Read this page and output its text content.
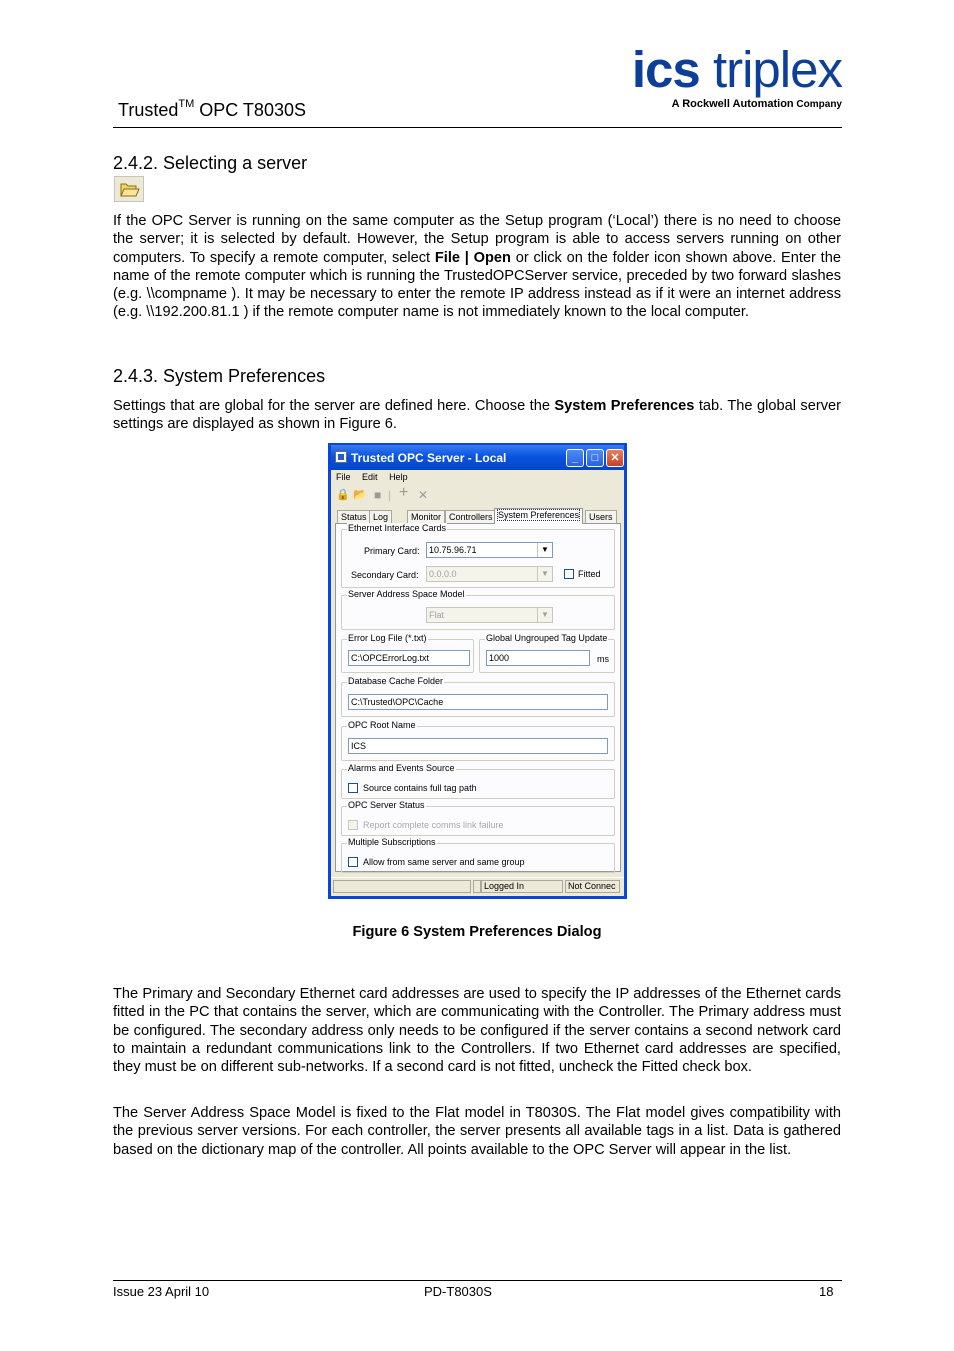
Trusted™ OPC T8030S
ics triplex
A Rockwell Automation Company
2.4.2. Selecting a server
If the OPC Server is running on the same computer as the Setup program (‘Local’) there is no need to choose the server; it is selected by default. However, the Setup program is able to access servers running on other computers. To specify a remote computer, select File | Open or click on the folder icon shown above. Enter the name of the remote computer which is running the TrustedOPCServer service, preceded by two forward slashes (e.g. \\compname ). It may be necessary to enter the remote IP address instead as if it were an internet address (e.g. \\192.200.81.1 ) if the remote computer name is not immediately known to the local computer.
2.4.3. System Preferences
Settings that are global for the server are defined here. Choose the System Preferences tab. The global server settings are displayed as shown in Figure 6.
Trusted OPC Server - Local	_	□	✕
File Edit Help
🔒 📂 ■ | + ✕
Status Log	Monitor Controllers System Preferences	Users
Ethernet Interface Cards
Primary Card:	10.75.96.71	▼
Secondary Card:	0.0.0.0	▼	Fitted
Server Address Space Model
Flat	▼
Error Log File (*.txt)
C:\OPCErrorLog.txt
Global Ungrouped Tag Update
1000	ms
Database Cache Folder
C:\Trusted\OPC\Cache
OPC Root Name
ICS
Alarms and Events Source
Source contains full tag path
OPC Server Status
Report complete comms link failure
Multiple Subscriptions
Allow from same server and same group
Logged In	Not Connec
Figure 6 System Preferences Dialog
The Primary and Secondary Ethernet card addresses are used to specify the IP addresses of the Ethernet cards fitted in the PC that contains the server, which are communicating with the Controller. The Primary address must be configured. The secondary address only needs to be configured if the server contains a second network card to maintain a redundant communications link to the Controllers. If two Ethernet card addresses are specified, they must be on different sub-networks. If a second card is not fitted, uncheck the Fitted check box.
The Server Address Space Model is fixed to the Flat model in T8030S. The Flat model gives compatibility with the previous server versions. For each controller, the server presents all available tags in a list. Data is gathered based on the dictionary map of the controller. All points available to the OPC Server will appear in the list.
Issue 23 April 10	PD-T8030S	18
